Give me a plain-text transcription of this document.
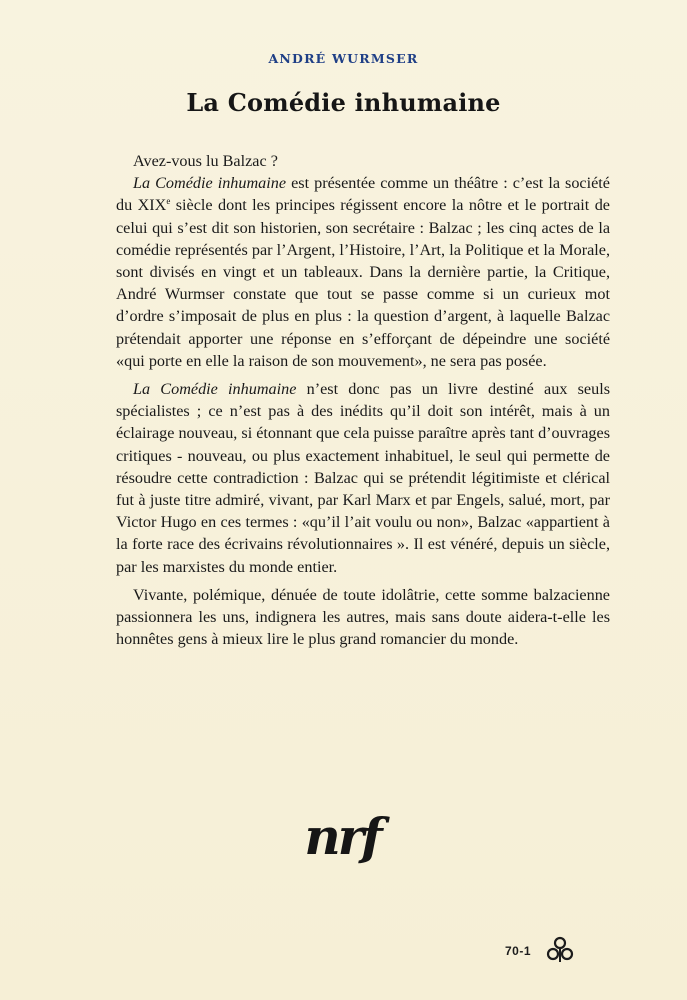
ANDRÉ WURMSER
La Comédie inhumaine

Avez-vous lu Balzac ?

La Comédie inhumaine est présentée comme un théâtre : c’est la société du XIXe siècle dont les principes régissent encore la nôtre et le portrait de celui qui s’est dit son historien, son secrétaire : Balzac ; les cinq actes de la comédie représentés par l’Argent, l’Histoire, l’Art, la Politique et la Morale, sont divisés en vingt et un tableaux. Dans la dernière partie, la Critique, André Wurmser constate que tout se passe comme si un curieux mot d’ordre s’imposait de plus en plus : la question d’argent, à laquelle Balzac prétendait apporter une réponse en s’efforçant de dépeindre une société «qui porte en elle la raison de son mouvement», ne sera pas posée.

La Comédie inhumaine n’est donc pas un livre destiné aux seuls spécialistes ; ce n’est pas à des inédits qu’il doit son intérêt, mais à un éclairage nouveau, si étonnant que cela puisse paraître après tant d’ouvrages critiques - nouveau, ou plus exactement inhabituel, le seul qui permette de résoudre cette contradiction : Balzac qui se prétendit légitimiste et clérical fut à juste titre admiré, vivant, par Karl Marx et par Engels, salué, mort, par Victor Hugo en ces termes : «qu’il l’ait voulu ou non», Balzac «appartient à la forte race des écrivains révolutionnaires ». Il est vénéré, depuis un siècle, par les marxistes du monde entier.

Vivante, polémique, dénuée de toute idolâtrie, cette somme balzacienne passionnera les uns, indignera les autres, mais sans doute aidera-t-elle les honnêtes gens à mieux lire le plus grand romancier du monde.

nrf
70-1
